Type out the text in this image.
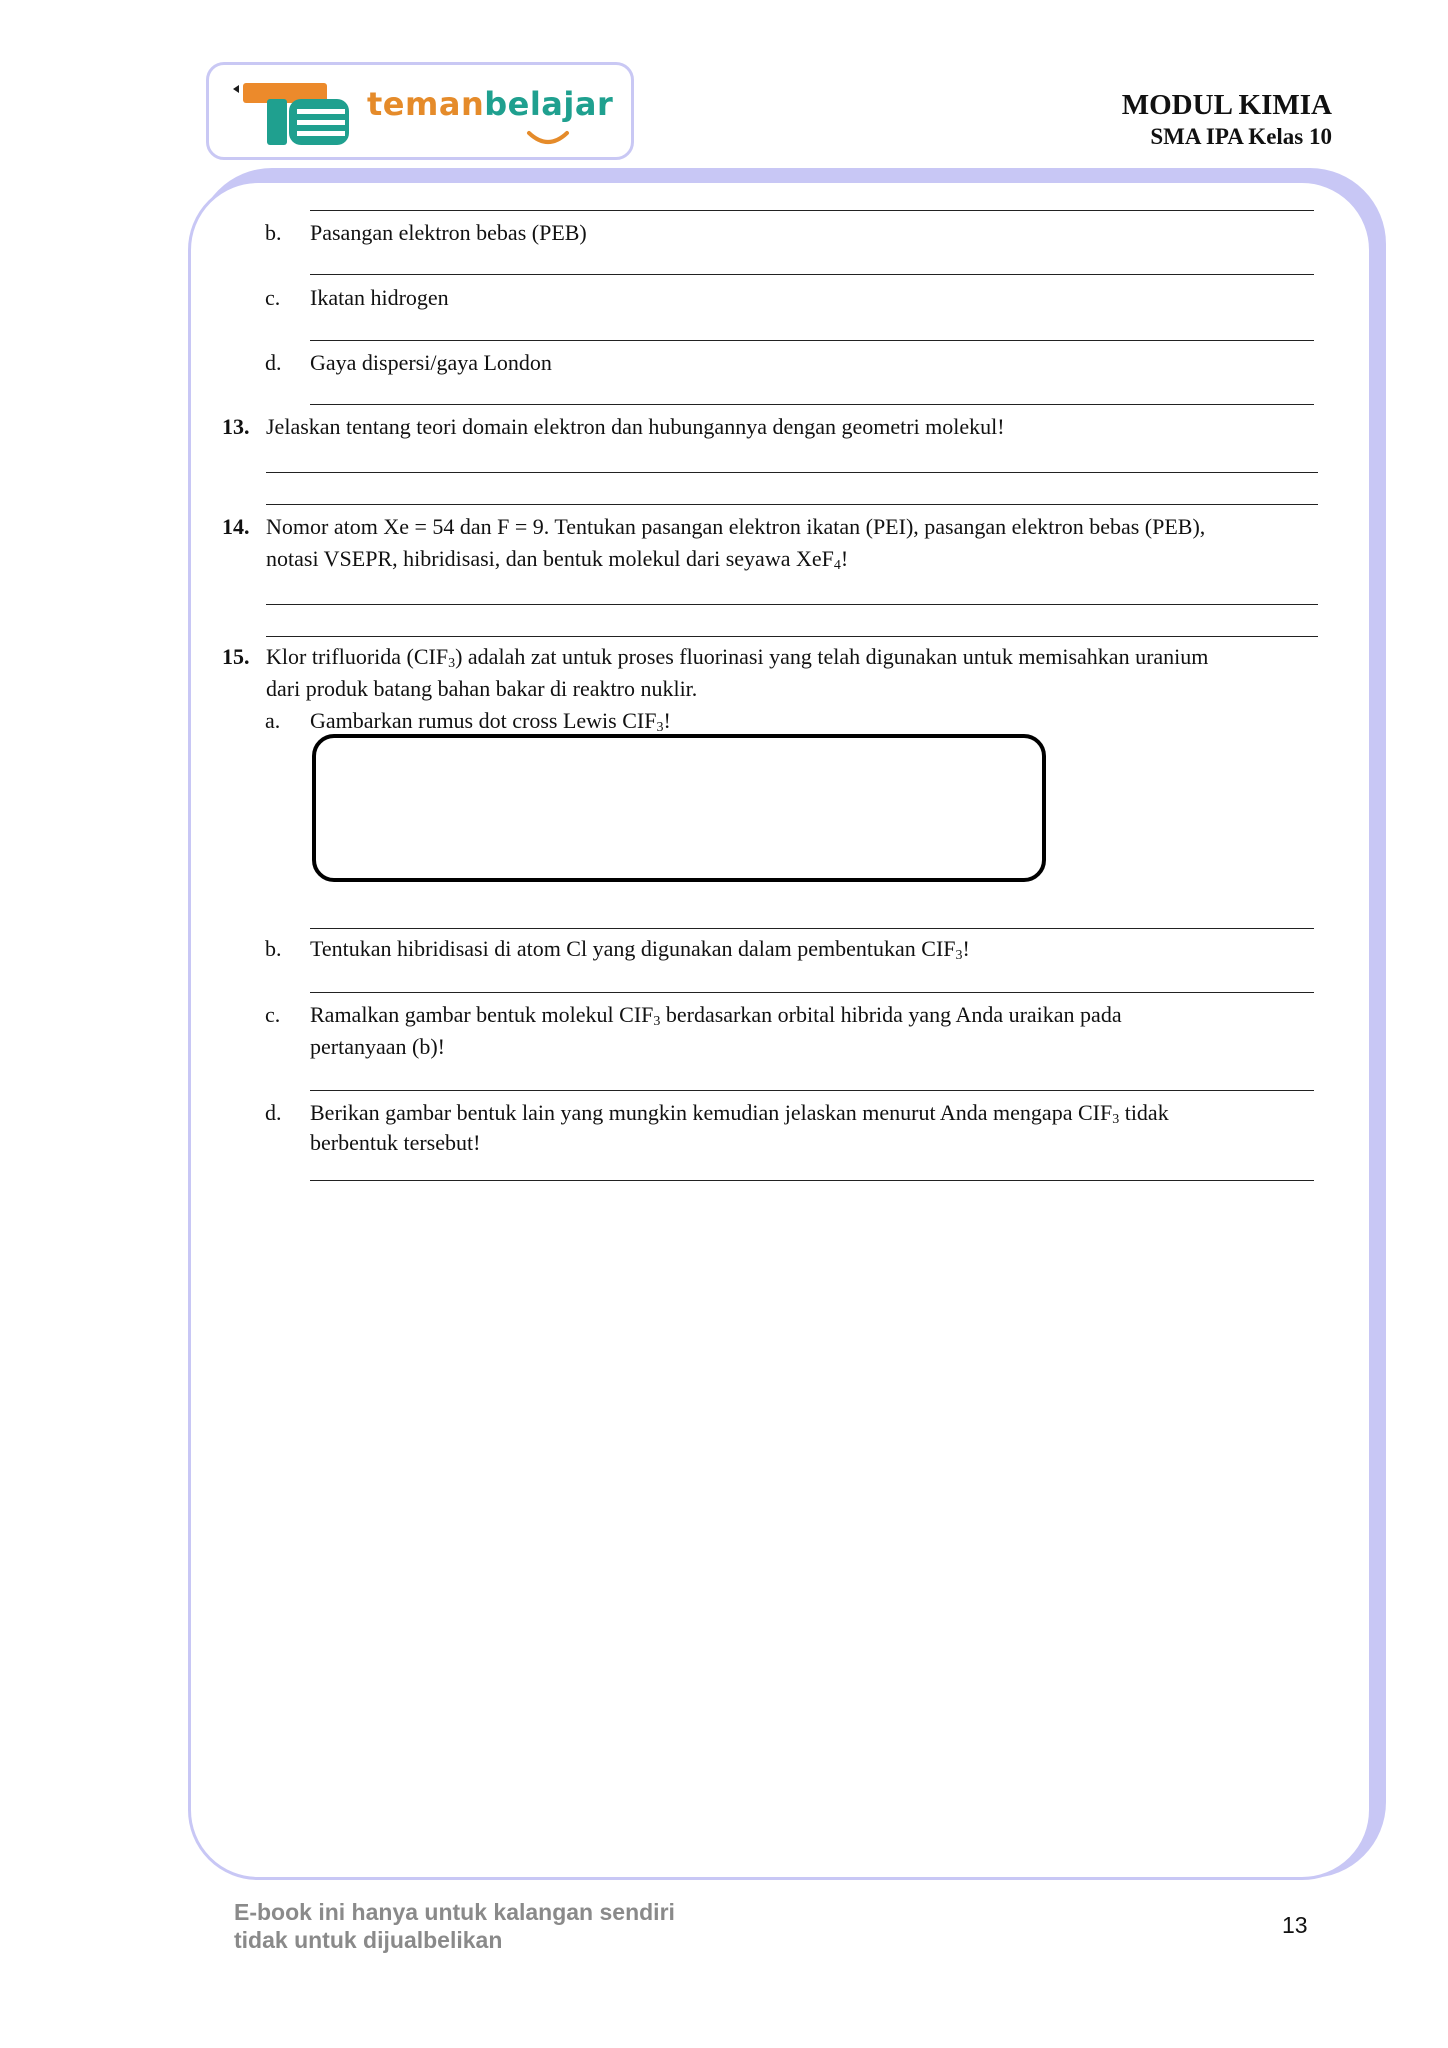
temanbelajar	MODUL KIMIA
SMA IPA Kelas 10
b. Pasangan elektron bebas (PEB)
c. Ikatan hidrogen
d. Gaya dispersi/gaya London
13. Jelaskan tentang teori domain elektron dan hubungannya dengan geometri molekul!
14. Nomor atom Xe = 54 dan F = 9. Tentukan pasangan elektron ikatan (PEI), pasangan elektron bebas (PEB),
notasi VSEPR, hibridisasi, dan bentuk molekul dari seyawa XeF$_4$!
15. Klor trifluorida $(CIF_3)$ adalah zat untuk proses fluorinasi yang telah digunakan untuk memisahkan uranium
dari produk batang bahan bakar di reaktro nuklir.
a. Gambarkan rumus dot cross Lewis $CIF_3$!
b. Tentukan hibridisasi di atom Cl yang digunakan dalam pembentukan $CIF_3$!
c. Ramalkan gambar bentuk molekul $CIF_3$ berdasarkan orbital hibrida yang Anda uraikan pada
pertanyaan (b)!
d. Berikan gambar bentuk lain yang mungkin kemudian jelaskan menurut Anda mengapa $CIF_3$ tidak
berbentuk tersebut!
E-book ini hanya untuk kalangan sendiri
tidak untuk dijualbelikan
13
